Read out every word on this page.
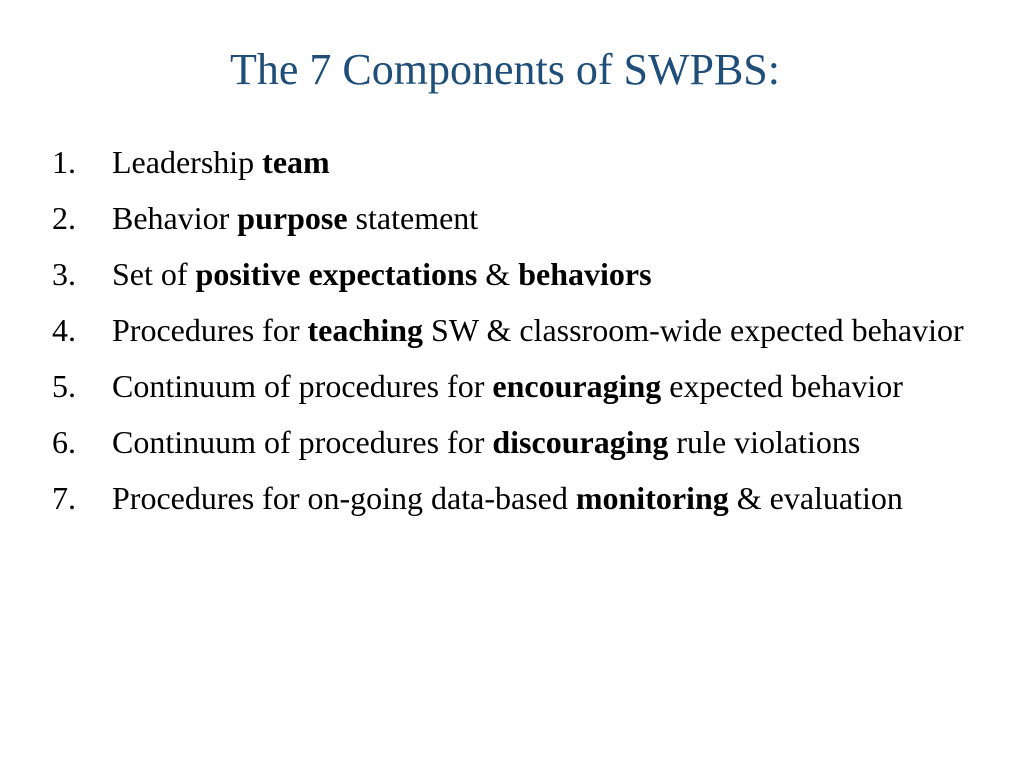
The 7 Components of SWPBS:
1. Leadership team
2. Behavior purpose statement
3. Set of positive expectations & behaviors
4. Procedures for teaching SW & classroom-wide expected behavior
5. Continuum of procedures for encouraging expected behavior
6. Continuum of procedures for discouraging rule violations
7. Procedures for on-going data-based monitoring & evaluation
